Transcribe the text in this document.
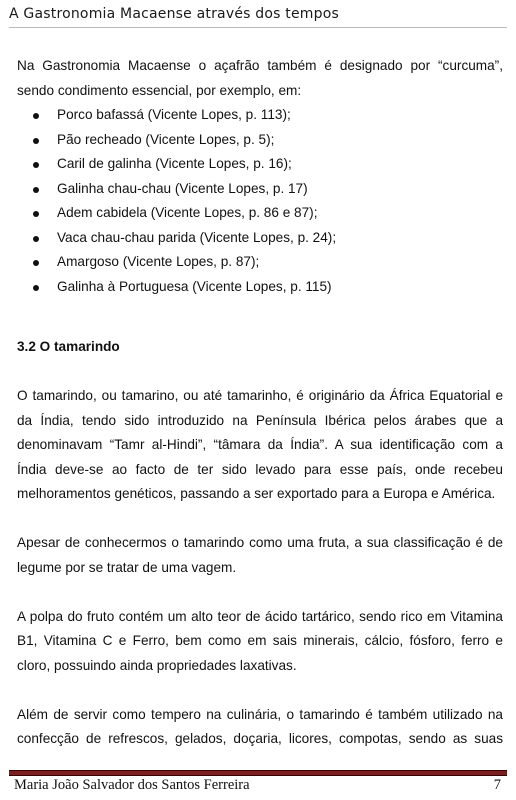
A Gastronomia Macaense através dos tempos

Na Gastronomia Macaense o açafrão também é designado por “curcuma”,
sendo condimento essencial, por exemplo, em:

Porco bafassá (Vicente Lopes, p. 113);
Pão recheado (Vicente Lopes, p. 5);
Caril de galinha (Vicente Lopes, p. 16);
Galinha chau-chau (Vicente Lopes, p. 17)
Adem cabidela (Vicente Lopes, p. 86 e 87);
Vaca chau-chau parida (Vicente Lopes, p. 24);
Amargoso (Vicente Lopes, p. 87);
Galinha à Portuguesa (Vicente Lopes, p. 115)
3.2 O tamarindo

O tamarindo, ou tamarino, ou até tamarinho, é originário da África Equatorial e
da Índia, tendo sido introduzido na Península Ibérica pelos árabes que a
denominavam “Tamr al-Hindi”, “tâmara da Índia”. A sua identificação com a
Índia deve-se ao facto de ter sido levado para esse país, onde recebeu
melhoramentos genéticos, passando a ser exportado para a Europa e América.

Apesar de conhecermos o tamarindo como uma fruta, a sua classificação é de
legume por se tratar de uma vagem.

A polpa do fruto contém um alto teor de ácido tartárico, sendo rico em Vitamina
B1, Vitamina C e Ferro, bem como em sais minerais, cálcio, fósforo, ferro e
cloro, possuindo ainda propriedades laxativas.

Além de servir como tempero na culinária, o tamarindo é também utilizado na
confecção de refrescos, gelados, doçaria, licores, compotas, sendo as suas

Maria João Salvador dos Santos Ferreira	7
